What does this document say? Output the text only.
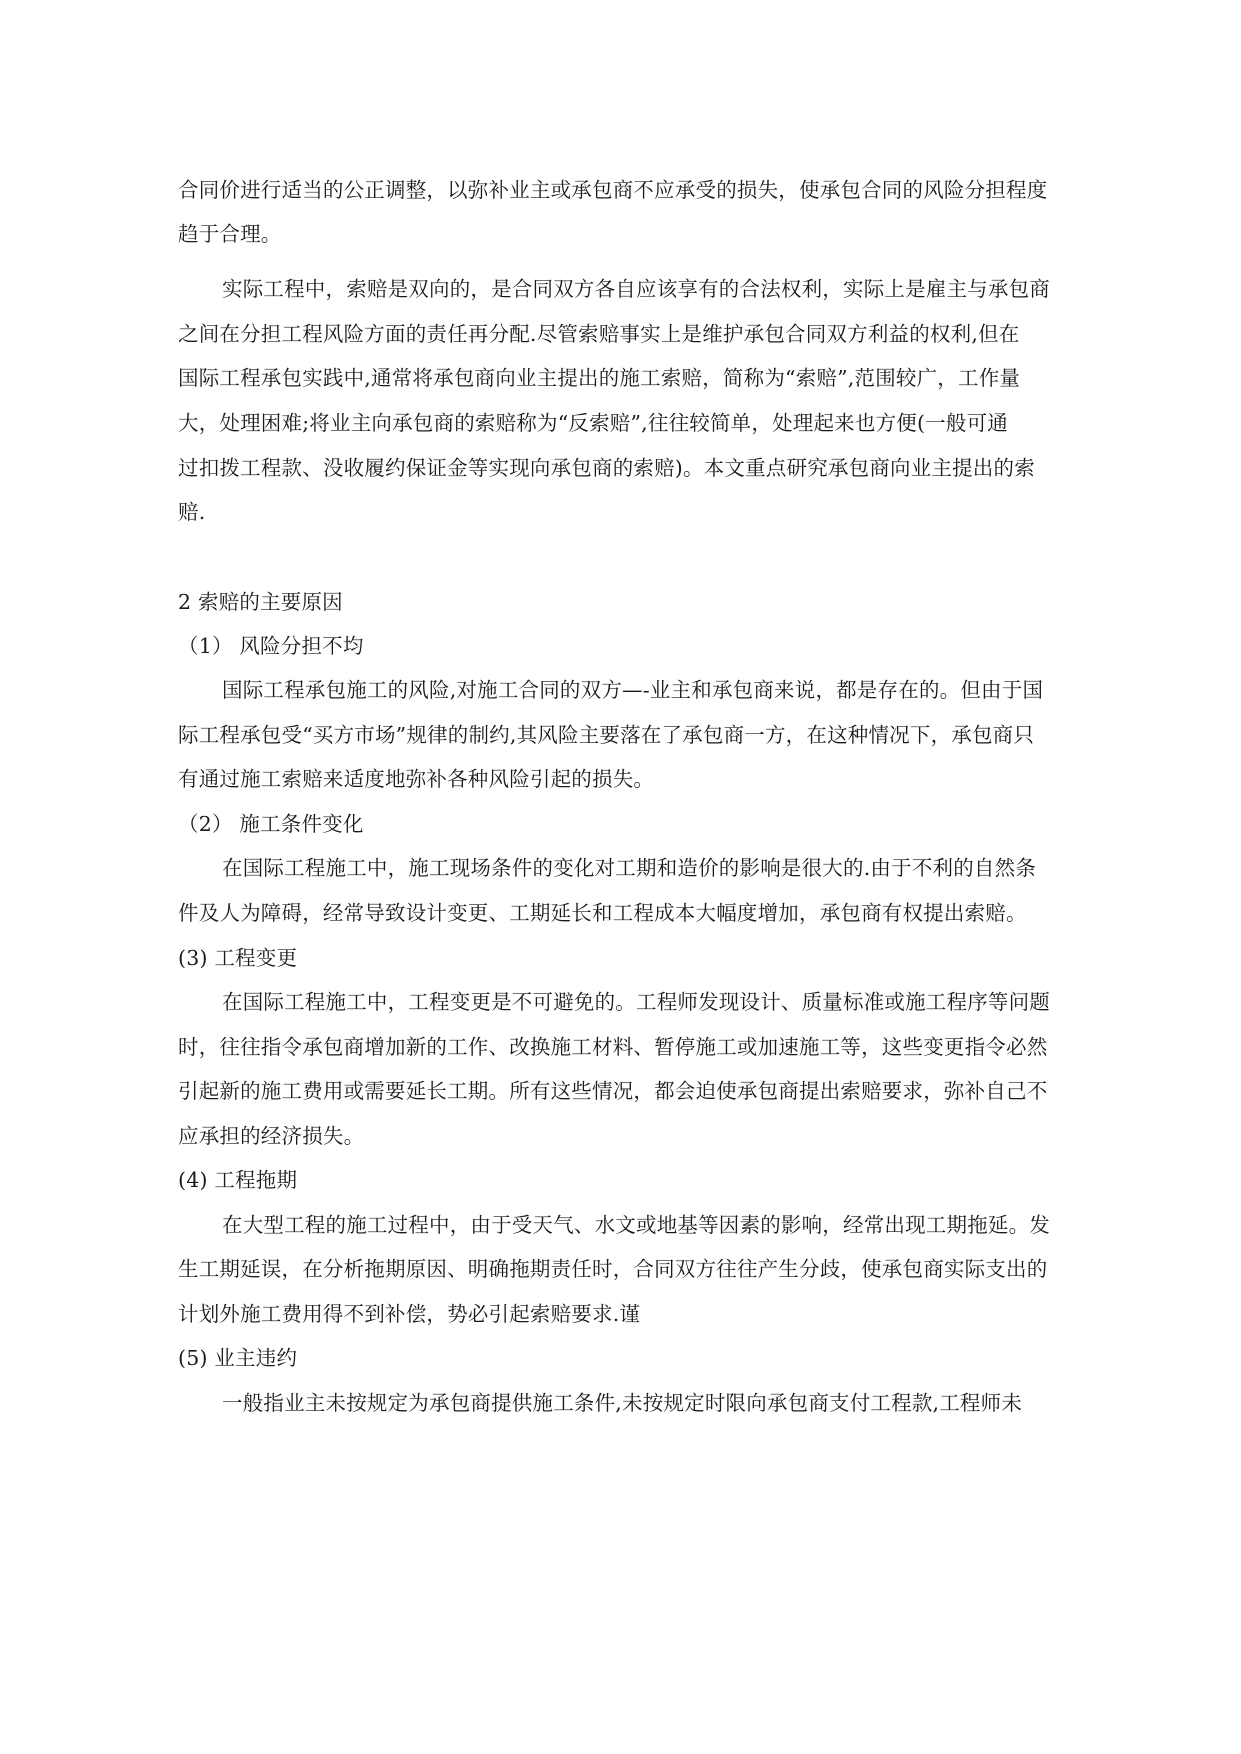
合同价进行适当的公正调整，以弥补业主或承包商不应承受的损失，使承包合同的风险分担程度
趋于合理。
实际工程中，索赔是双向的，是合同双方各自应该享有的合法权利，实际上是雇主与承包商
之间在分担工程风险方面的责任再分配.尽管索赔事实上是维护承包合同双方利益的权利,但在
国际工程承包实践中,通常将承包商向业主提出的施工索赔，简称为“索赔”,范围较广，工作量
大，处理困难;将业主向承包商的索赔称为“反索赔”,往往较简单，处理起来也方便(一般可通
过扣拨工程款、没收履约保证金等实现向承包商的索赔)。本文重点研究承包商向业主提出的索
赔.
2 索赔的主要原因
（1） 风险分担不均
国际工程承包施工的风险,对施工合同的双方—-业主和承包商来说，都是存在的。但由于国
际工程承包受“买方市场”规律的制约,其风险主要落在了承包商一方，在这种情况下，承包商只
有通过施工索赔来适度地弥补各种风险引起的损失。
（2） 施工条件变化
在国际工程施工中，施工现场条件的变化对工期和造价的影响是很大的.由于不利的自然条
件及人为障碍，经常导致设计变更、工期延长和工程成本大幅度增加，承包商有权提出索赔。
(3) 工程变更
在国际工程施工中，工程变更是不可避免的。工程师发现设计、质量标准或施工程序等问题
时，往往指令承包商增加新的工作、改换施工材料、暂停施工或加速施工等，这些变更指令必然
引起新的施工费用或需要延长工期。所有这些情况，都会迫使承包商提出索赔要求，弥补自己不
应承担的经济损失。
(4) 工程拖期
在大型工程的施工过程中，由于受天气、水文或地基等因素的影响，经常出现工期拖延。发
生工期延误，在分析拖期原因、明确拖期责任时，合同双方往往产生分歧，使承包商实际支出的
计划外施工费用得不到补偿，势必引起索赔要求.谨
(5) 业主违约
一般指业主未按规定为承包商提供施工条件,未按规定时限向承包商支付工程款,工程师未
